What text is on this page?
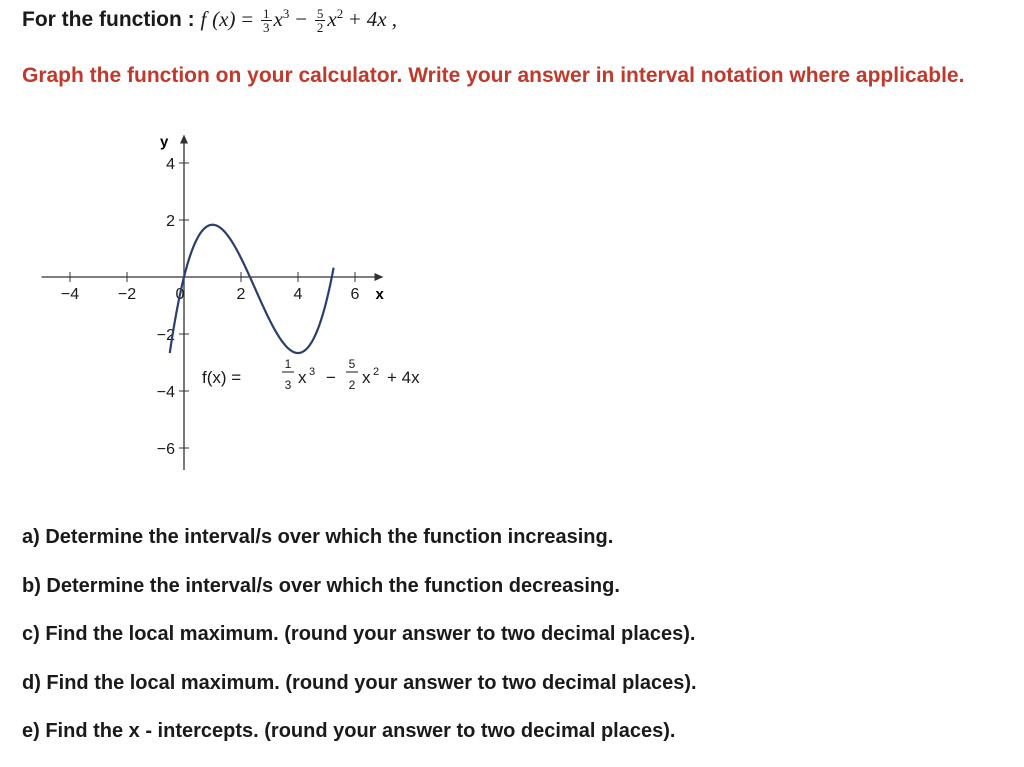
For the function : f $(x) = \frac{1}{3} x^3 - \frac{5}{2} x^2 + 4x$ ,
Graph the function on your calculator. Write your answer in interval notation where applicable.
−4 −2 0	2	4	6
4
2
−2
−4
−6
x
y
f(x) =
1
3 x 3 −
5
2 x 2 + 4x
a) Determine the interval/s over which the function increasing.
b) Determine the interval/s over which the function decreasing.
c) Find the local maximum. (round your answer to two decimal places).
d) Find the local maximum. (round your answer to two decimal places).
e) Find the x - intercepts. (round your answer to two decimal places).
